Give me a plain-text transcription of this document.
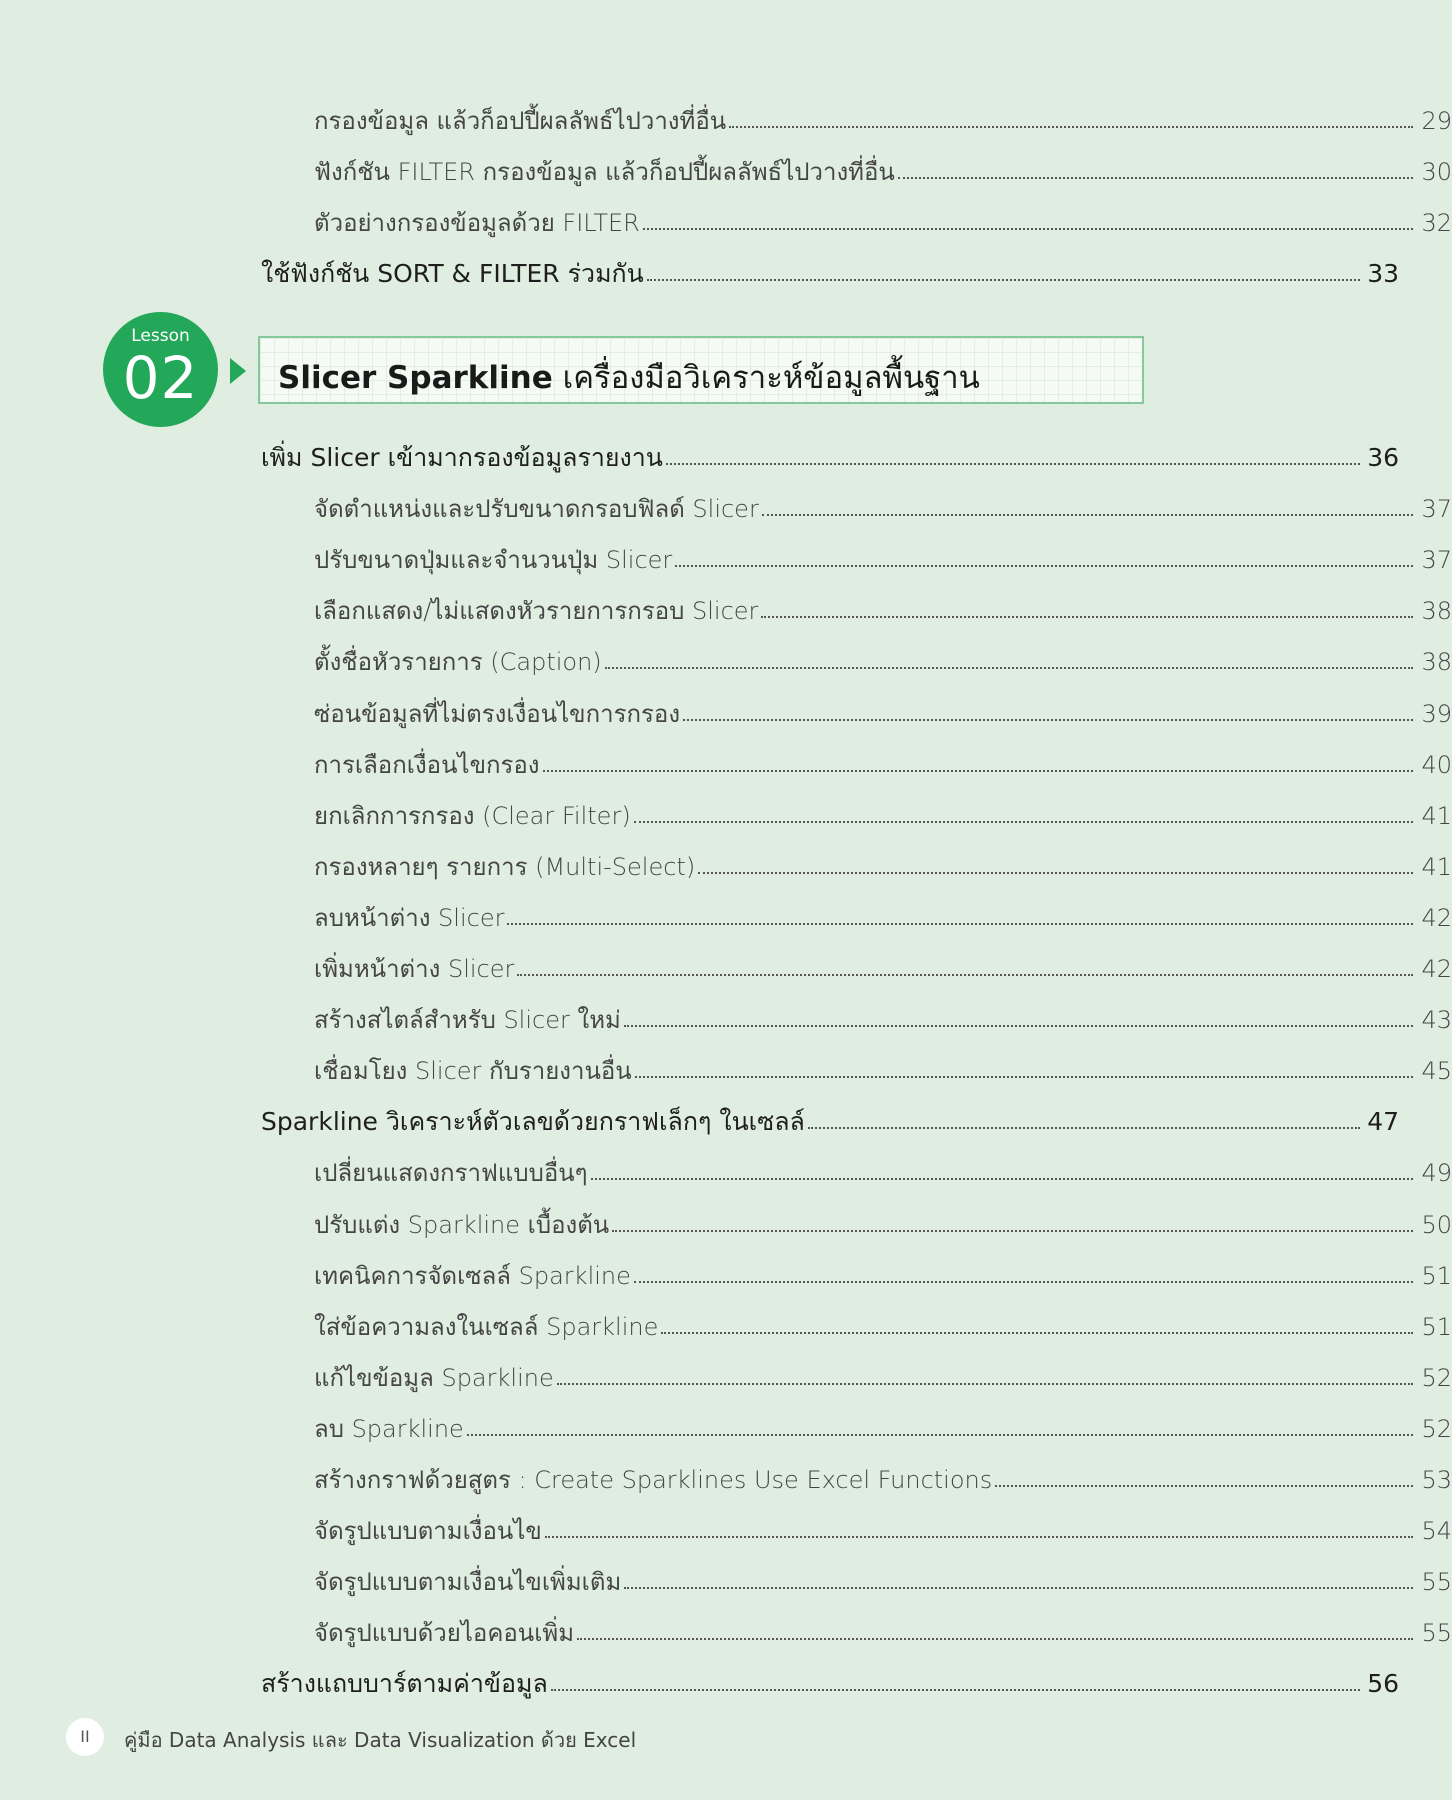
กรองข้อมูล แล้วก็อปปี้ผลลัพธ์ไปวางที่อื่น	29
ฟังก์ชัน FILTER กรองข้อมูล แล้วก็อปปี้ผลลัพธ์ไปวางที่อื่น	30
ตัวอย่างกรองข้อมูลด้วย FILTER	32
ใช้ฟังก์ชัน SORT & FILTER ร่วมกัน	33
Lesson
02	Slicer Sparkline เครื่องมือวิเคราะห์ข้อมูลพื้นฐาน
เพิ่ม Slicer เข้ามากรองข้อมูลรายงาน	36
จัดตำแหน่งและปรับขนาดกรอบฟิลด์ Slicer	37
ปรับขนาดปุ่มและจำนวนปุ่ม Slicer	37
เลือกแสดง/ไม่แสดงหัวรายการกรอบ Slicer	38
ตั้งชื่อหัวรายการ (Caption)	38
ซ่อนข้อมูลที่ไม่ตรงเงื่อนไขการกรอง	39
การเลือกเงื่อนไขกรอง	40
ยกเลิกการกรอง (Clear Filter)	41
กรองหลายๆ รายการ (Multi-Select)	41
ลบหน้าต่าง Slicer	42
เพิ่มหน้าต่าง Slicer	42
สร้างสไตล์สำหรับ Slicer ใหม่	43
เชื่อมโยง Slicer กับรายงานอื่น	45
Sparkline วิเคราะห์ตัวเลขด้วยกราฟเล็กๆ ในเซลล์	47
เปลี่ยนแสดงกราฟแบบอื่นๆ	49
ปรับแต่ง Sparkline เบื้องต้น	50
เทคนิคการจัดเซลล์ Sparkline	51
ใส่ข้อความลงในเซลล์ Sparkline	51
แก้ไขข้อมูล Sparkline	52
ลบ Sparkline	52
สร้างกราฟด้วยสูตร : Create Sparklines Use Excel Functions	53
จัดรูปแบบตามเงื่อนไข	54
จัดรูปแบบตามเงื่อนไขเพิ่มเติม	55
จัดรูปแบบด้วยไอคอนเพิ่ม	55
สร้างแถบบาร์ตามค่าข้อมูล	56
II	คู่มือ Data Analysis และ Data Visualization ด้วย Excel
